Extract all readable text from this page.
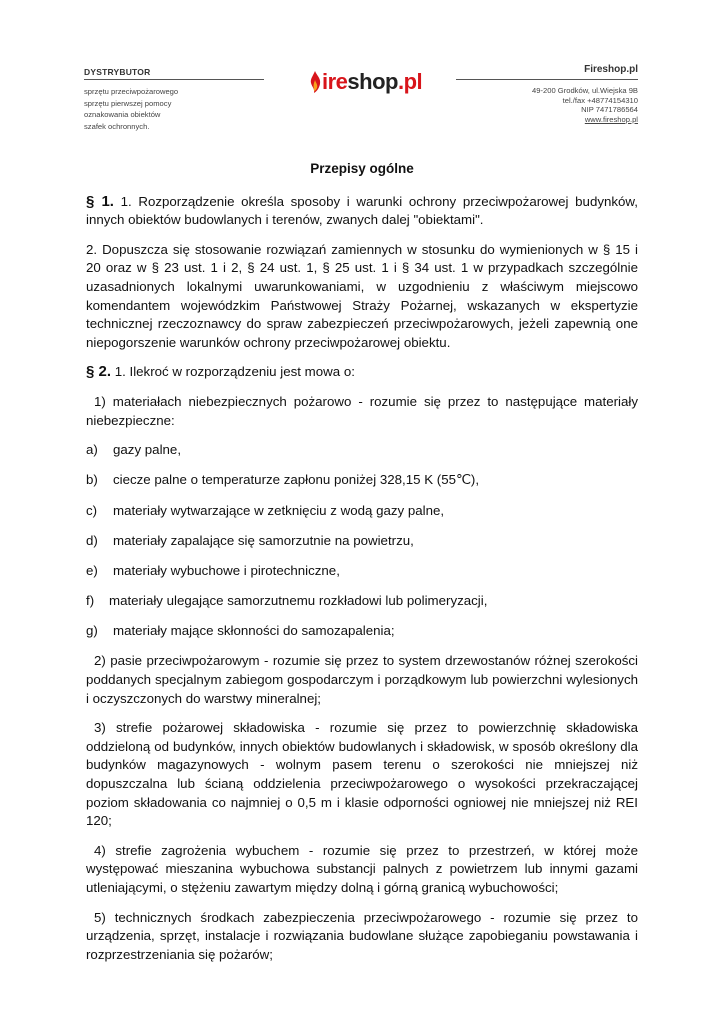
DYSTRYBUTOR
sprzętu przeciwpożarowego
sprzętu pierwszej pomocy
oznakowania obiektów
szafek ochronnych.
ireshop.pl	Fireshop.pl
49-200 Grodków, ul.Wiejska 9B
tel./fax +48774154310
NIP 7471786564
www.fireshop.pl
Przepisy ogólne

§ 1. 1. Rozporządzenie określa sposoby i warunki ochrony przeciwpożarowej budynków, innych obiektów budowlanych i terenów, zwanych dalej "obiektami".

2. Dopuszcza się stosowanie rozwiązań zamiennych w stosunku do wymienionych w § 15 i 20 oraz w § 23 ust. 1 i 2, § 24 ust. 1, § 25 ust. 1 i § 34 ust. 1 w przypadkach szczególnie uzasadnionych lokalnymi uwarunkowaniami, w uzgodnieniu z właściwym miejscowo komendantem wojewódzkim Państwowej Straży Pożarnej, wskazanych w ekspertyzie technicznej rzeczoznawcy do spraw zabezpieczeń przeciwpożarowych, jeżeli zapewnią one niepogorszenie warunków ochrony przeciwpożarowej obiektu.

§ 2. 1. Ilekroć w rozporządzeniu jest mowa o:

1) materiałach niebezpiecznych pożarowo - rozumie się przez to następujące materiały niebezpieczne:

a) gazy palne,
b) ciecze palne o temperaturze zapłonu poniżej 328,15 K (55℃),
c) materiały wytwarzające w zetknięciu z wodą gazy palne,
d) materiały zapalające się samorzutnie na powietrzu,
e) materiały wybuchowe i pirotechniczne,
f) materiały ulegające samorzutnemu rozkładowi lub polimeryzacji,
g) materiały mające skłonności do samozapalenia;

2) pasie przeciwpożarowym - rozumie się przez to system drzewostanów różnej szerokości poddanych specjalnym zabiegom gospodarczym i porządkowym lub powierzchni wylesionych i oczyszczonych do warstwy mineralnej;

3) strefie pożarowej składowiska - rozumie się przez to powierzchnię składowiska oddzieloną od budynków, innych obiektów budowlanych i składowisk, w sposób określony dla budynków magazynowych - wolnym pasem terenu o szerokości nie mniejszej niż dopuszczalna lub ścianą oddzielenia przeciwpożarowego o wysokości przekraczającej poziom składowania co najmniej o 0,5 m i klasie odporności ogniowej nie mniejszej niż REI 120;

4) strefie zagrożenia wybuchem - rozumie się przez to przestrzeń, w której może występować mieszanina wybuchowa substancji palnych z powietrzem lub innymi gazami utleniającymi, o stężeniu zawartym między dolną i górną granicą wybuchowości;

5) technicznych środkach zabezpieczenia przeciwpożarowego - rozumie się przez to urządzenia, sprzęt, instalacje i rozwiązania budowlane służące zapobieganiu powstawania i rozprzestrzeniania się pożarów;
